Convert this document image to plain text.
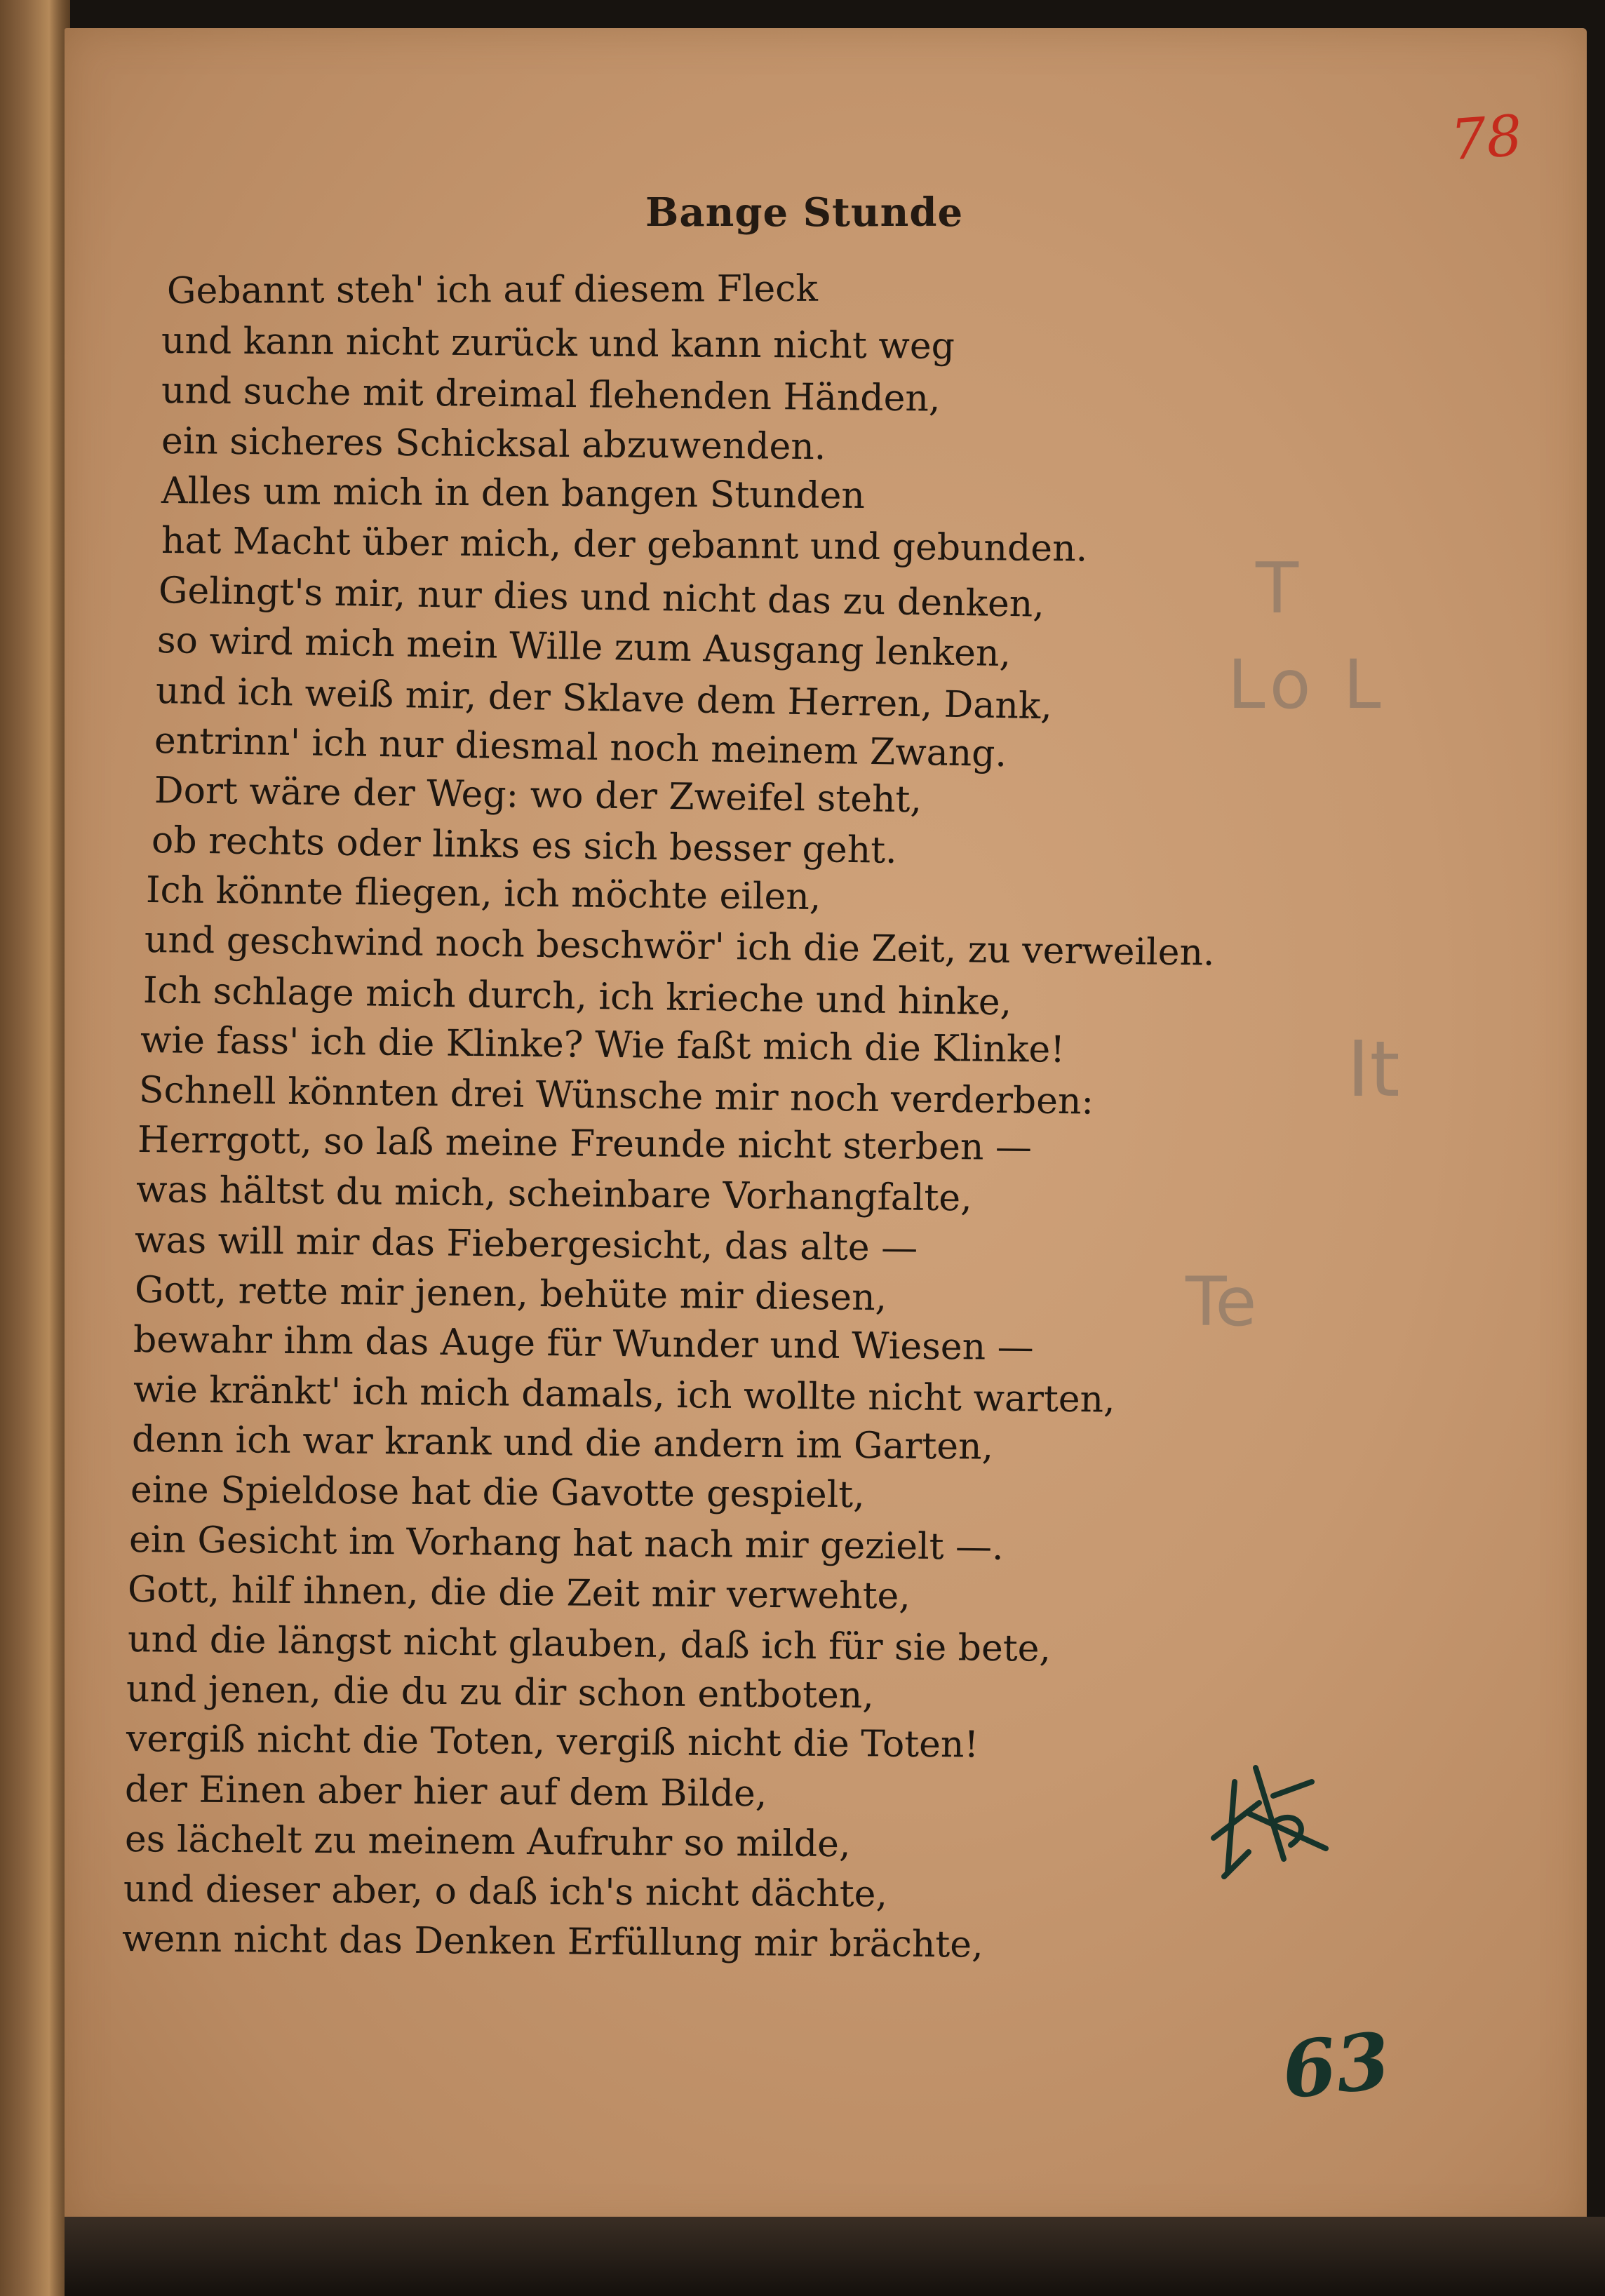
78
Bange Stunde
Gebannt steh' ich auf diesem Fleck
und kann nicht zurück und kann nicht weg
und suche mit dreimal flehenden Händen,
ein sicheres Schicksal abzuwenden.
Alles um mich in den bangen Stunden
hat Macht über mich, der gebannt und gebunden.
Gelingt's mir, nur dies und nicht das zu denken,
so wird mich mein Wille zum Ausgang lenken,
und ich weiß mir, der Sklave dem Herren, Dank,
entrinn' ich nur diesmal noch meinem Zwang.
Dort wäre der Weg: wo der Zweifel steht,
ob rechts oder links es sich besser geht.
Ich könnte fliegen, ich möchte eilen,
und geschwind noch beschwör' ich die Zeit, zu verweilen.
Ich schlage mich durch, ich krieche und hinke,
wie fass' ich die Klinke? Wie faßt mich die Klinke!
Schnell könnten drei Wünsche mir noch verderben:
Herrgott, so laß meine Freunde nicht sterben —
was hältst du mich, scheinbare Vorhangfalte,
was will mir das Fiebergesicht, das alte —
Gott, rette mir jenen, behüte mir diesen,
bewahr ihm das Auge für Wunder und Wiesen —
wie kränkt' ich mich damals, ich wollte nicht warten,
denn ich war krank und die andern im Garten,
eine Spieldose hat die Gavotte gespielt,
ein Gesicht im Vorhang hat nach mir gezielt —.
Gott, hilf ihnen, die die Zeit mir verwehte,
und die längst nicht glauben, daß ich für sie bete,
und jenen, die du zu dir schon entboten,
vergiß nicht die Toten, vergiß nicht die Toten!
der Einen aber hier auf dem Bilde,
es lächelt zu meinem Aufruhr so milde,
und dieser aber, o daß ich's nicht dächte,
wenn nicht das Denken Erfüllung mir brächte,
T
Lo L
It
Te
63
